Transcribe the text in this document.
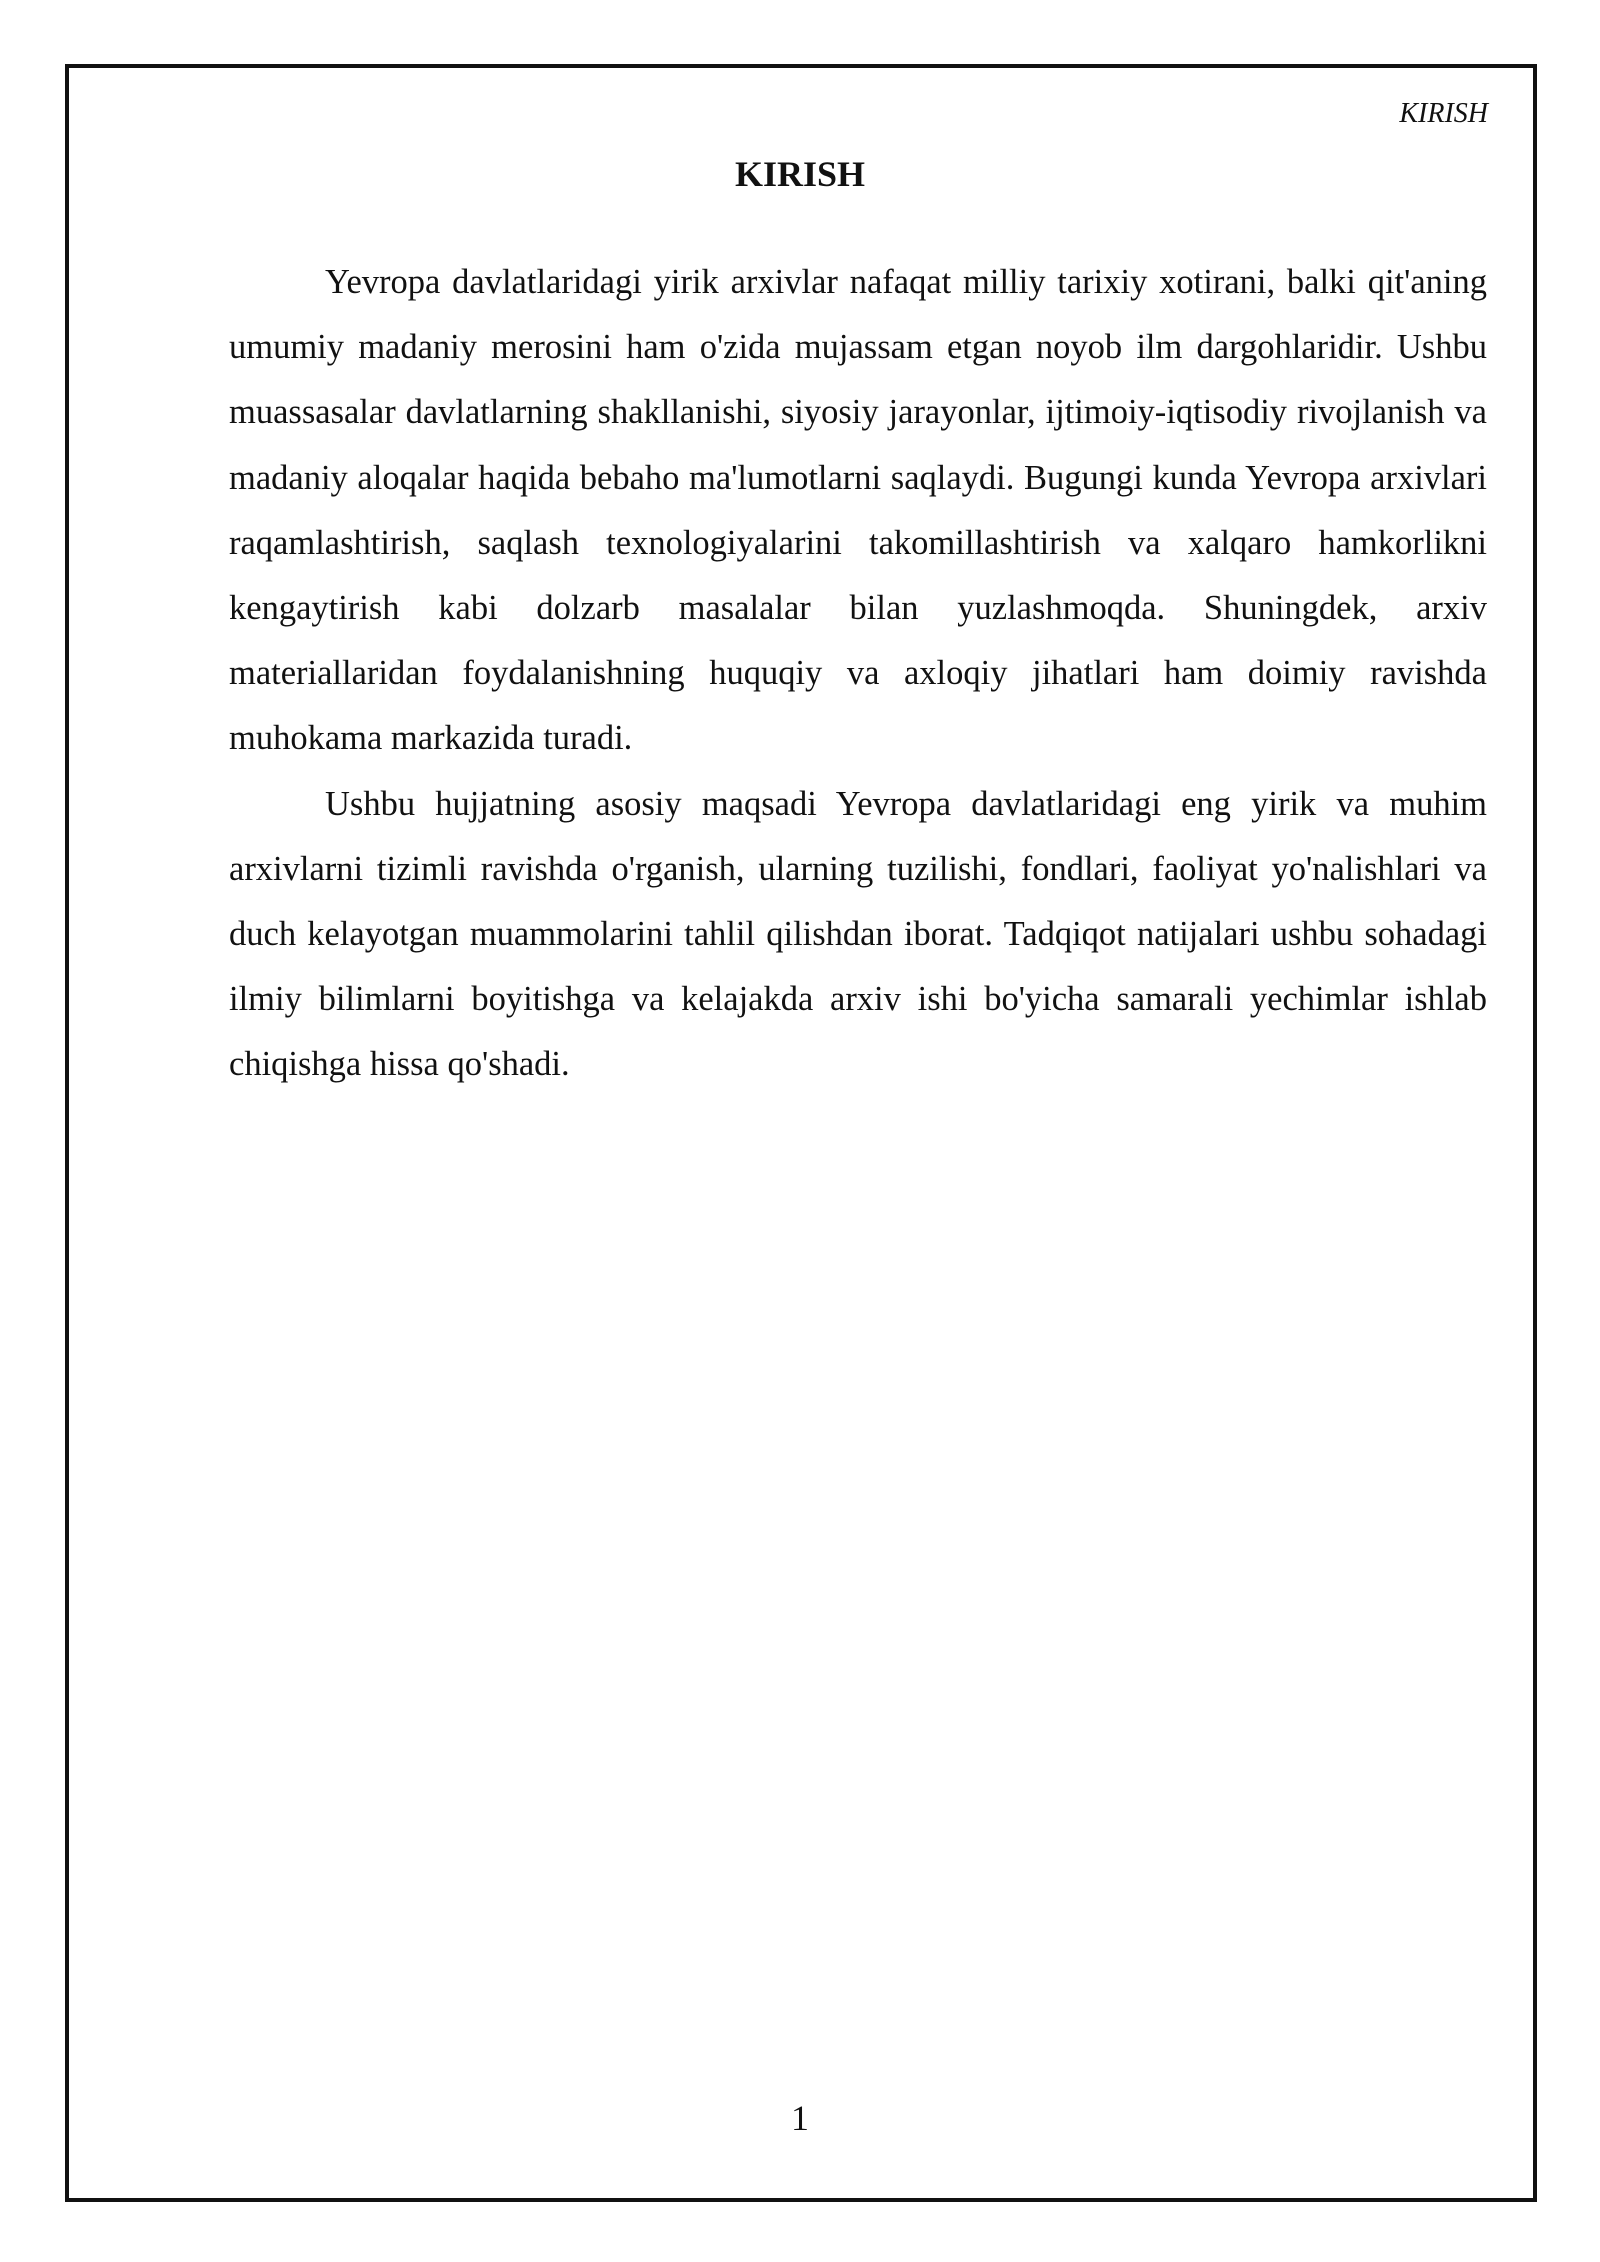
KIRISH
KIRISH

Yevropa davlatlaridagi yirik arxivlar nafaqat milliy tarixiy xotirani, balki qit'aning umumiy madaniy merosini ham o'zida mujassam etgan noyob ilm dargohlaridir. Ushbu muassasalar davlatlarning shakllanishi, siyosiy jarayonlar, ijtimoiy-iqtisodiy rivojlanish va madaniy aloqalar haqida bebaho ma'lumotlarni saqlaydi. Bugungi kunda Yevropa arxivlari raqamlashtirish, saqlash texnologiyalarini takomillashtirish va xalqaro hamkorlikni kengaytirish kabi dolzarb masalalar bilan yuzlashmoqda. Shuningdek, arxiv materiallaridan foydalanishning huquqiy va axloqiy jihatlari ham doimiy ravishda muhokama markazida turadi.

Ushbu hujjatning asosiy maqsadi Yevropa davlatlaridagi eng yirik va muhim arxivlarni tizimli ravishda o'rganish, ularning tuzilishi, fondlari, faoliyat yo'nalishlari va duch kelayotgan muammolarini tahlil qilishdan iborat. Tadqiqot natijalari ushbu sohadagi ilmiy bilimlarni boyitishga va kelajakda arxiv ishi bo'yicha samarali yechimlar ishlab chiqishga hissa qo'shadi.

1
